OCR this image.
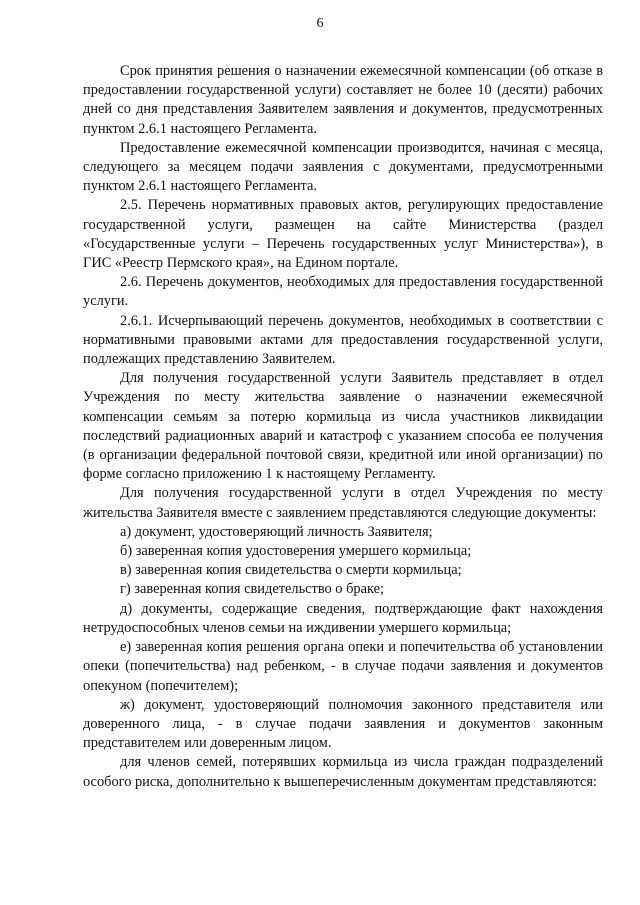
6

Срок принятия решения о назначении ежемесячной компенсации (об отказе в предоставлении государственной услуги) составляет не более 10 (десяти) рабочих дней со дня представления Заявителем заявления и документов, предусмотренных пунктом 2.6.1 настоящего Регламента.

Предоставление ежемесячной компенсации производится, начиная с месяца, следующего за месяцем подачи заявления с документами, предусмотренными пунктом 2.6.1 настоящего Регламента.

2.5. Перечень нормативных правовых актов, регулирующих предоставление государственной услуги, размещен на сайте Министерства (раздел «Государственные услуги – Перечень государственных услуг Министерства»), в ГИС «Реестр Пермского края», на Едином портале.

2.6. Перечень документов, необходимых для предоставления государственной услуги.

2.6.1. Исчерпывающий перечень документов, необходимых в соответствии с нормативными правовыми актами для предоставления государственной услуги, подлежащих представлению Заявителем.

Для получения государственной услуги Заявитель представляет в отдел Учреждения по месту жительства заявление о назначении ежемесячной компенсации семьям за потерю кормильца из числа участников ликвидации последствий радиационных аварий и катастроф с указанием способа ее получения (в организации федеральной почтовой связи, кредитной или иной организации) по форме согласно приложению 1 к настоящему Регламенту.

Для получения государственной услуги в отдел Учреждения по месту жительства Заявителя вместе с заявлением представляются следующие документы:

а) документ, удостоверяющий личность Заявителя;

б) заверенная копия удостоверения умершего кормильца;

в) заверенная копия свидетельства о смерти кормильца;

г) заверенная копия свидетельство о браке;

д) документы, содержащие сведения, подтверждающие факт нахождения нетрудоспособных членов семьи на иждивении умершего кормильца;

е) заверенная копия решения органа опеки и попечительства об установлении опеки (попечительства) над ребенком, - в случае подачи заявления и документов опекуном (попечителем);

ж) документ, удостоверяющий полномочия законного представителя или доверенного лица, - в случае подачи заявления и документов законным представителем или доверенным лицом.

для членов семей, потерявших кормильца из числа граждан подразделений особого риска, дополнительно к вышеперечисленным документам представляются:
